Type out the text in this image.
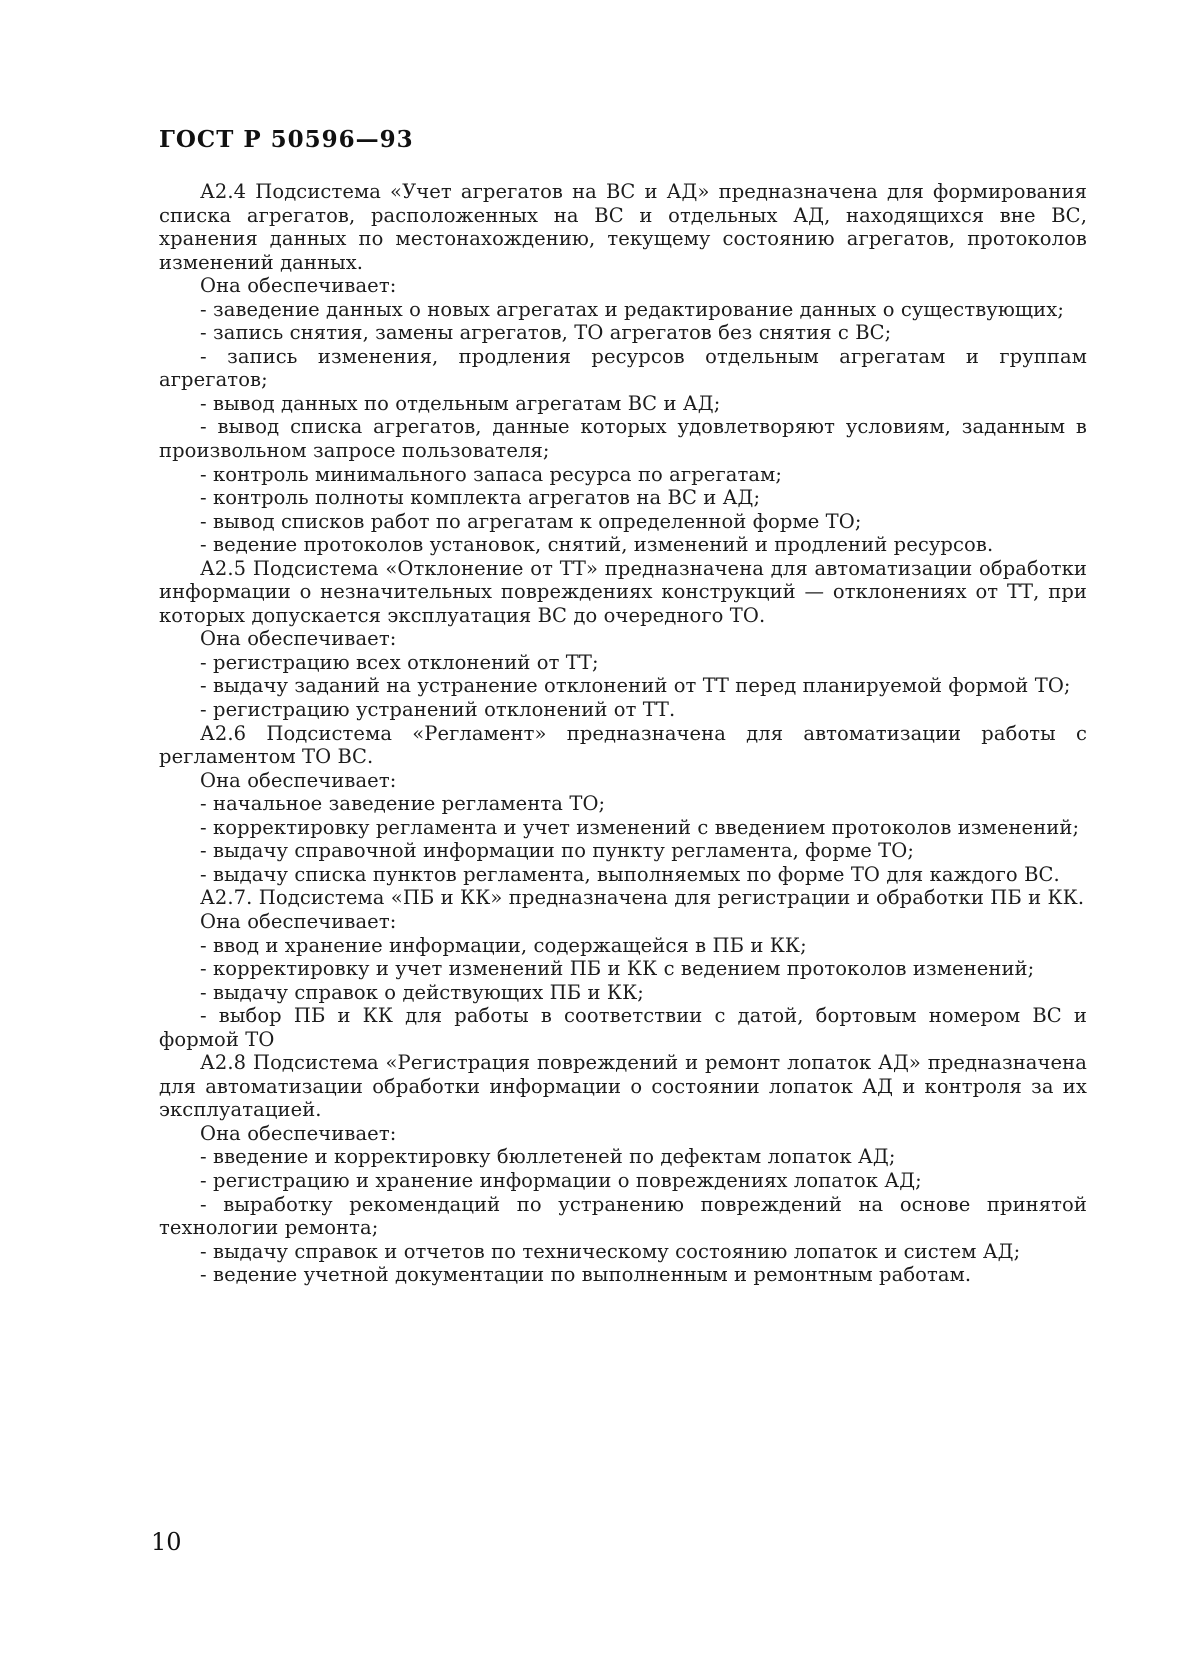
ГОСТ Р 50596—93

А2.4 Подсистема «Учет агрегатов на ВС и АД» предназначена для формирования списка агрегатов, расположенных на ВС и отдельных АД, находящихся вне ВС, хранения данных по местонахождению, текущему состоянию агрегатов, протоколов изменений данных.

Она обеспечивает:

- заведение данных о новых агрегатах и редактирование данных о существующих;

- запись снятия, замены агрегатов, ТО агрегатов без снятия с ВС;

- запись изменения, продления ресурсов отдельным агрегатам и группам агрегатов;

- вывод данных по отдельным агрегатам ВС и АД;

- вывод списка агрегатов, данные которых удовлетворяют условиям, заданным в произвольном запросе пользователя;

- контроль минимального запаса ресурса по агрегатам;

- контроль полноты комплекта агрегатов на ВС и АД;

- вывод списков работ по агрегатам к определенной форме ТО;

- ведение протоколов установок, снятий, изменений и продлений ресурсов.

А2.5 Подсистема «Отклонение от ТТ» предназначена для автоматизации обработки информации о незначительных повреждениях конструкций — отклонениях от ТТ, при которых допускается эксплуатация ВС до очередного ТО.

Она обеспечивает:

- регистрацию всех отклонений от ТТ;

- выдачу заданий на устранение отклонений от ТТ перед планируемой формой ТО;

- регистрацию устранений отклонений от ТТ.

А2.6 Подсистема «Регламент» предназначена для автоматизации работы с регламентом ТО ВС.

Она обеспечивает:

- начальное заведение регламента ТО;

- корректировку регламента и учет изменений с введением протоколов изменений;

- выдачу справочной информации по пункту регламента, форме ТО;

- выдачу списка пунктов регламента, выполняемых по форме ТО для каждого ВС.

А2.7. Подсистема «ПБ и КК» предназначена для регистрации и обработки ПБ и КК.

Она обеспечивает:

- ввод и хранение информации, содержащейся в ПБ и КК;

- корректировку и учет изменений ПБ и КК с ведением протоколов изменений;

- выдачу справок о действующих ПБ и КК;

- выбор ПБ и КК для работы в соответствии с датой, бортовым номером ВС и формой ТО

А2.8 Подсистема «Регистрация повреждений и ремонт лопаток АД» предназначена для автоматизации обработки информации о состоянии лопаток АД и контроля за их эксплуатацией.

Она обеспечивает:

- введение и корректировку бюллетеней по дефектам лопаток АД;

- регистрацию и хранение информации о повреждениях лопаток АД;

- выработку рекомендаций по устранению повреждений на основе принятой технологии ремонта;

- выдачу справок и отчетов по техническому состоянию лопаток и систем АД;

- ведение учетной документации по выполненным и ремонтным работам.

10
